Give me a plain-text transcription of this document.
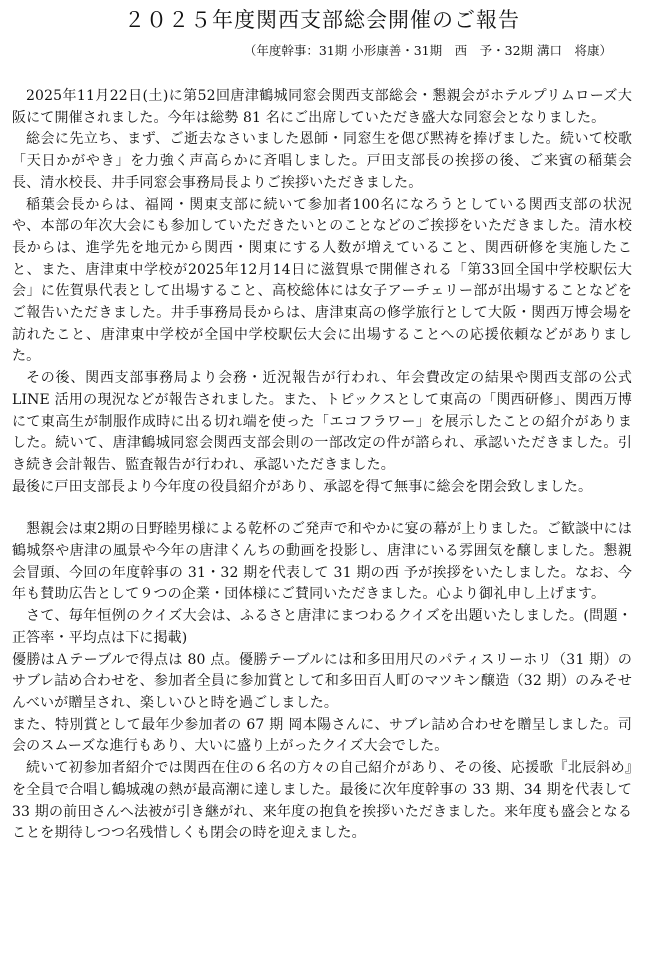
２０２５年度関西支部総会開催のご報告
（年度幹事：31期 小形康善・31期　西　予・32期 溝口　将康）

2025年11月22日(土)に第52回唐津鶴城同窓会関西支部総会・懇親会がホテルプリムローズ大阪にて開催されました。今年は総勢 81 名にご出席していただき盛大な同窓会となりました。

総会に先立ち、まず、ご逝去なさいました恩師・同窓生を偲び黙祷を捧げました。続いて校歌「天日かがやき」を力強く声高らかに斉唱しました。戸田支部長の挨拶の後、ご来賓の稲葉会長、清水校長、井手同窓会事務局長よりご挨拶いただきました。

稲葉会長からは、福岡・関東支部に続いて参加者100名になろうとしている関西支部の状況や、本部の年次大会にも参加していただきたいとのことなどのご挨拶をいただきました。清水校長からは、進学先を地元から関西・関東にする人数が増えていること、関西研修を実施したこと、また、唐津東中学校が2025年12月14日に滋賀県で開催される「第33回全国中学校駅伝大会」に佐賀県代表として出場すること、高校総体には女子アーチェリー部が出場することなどをご報告いただきました。井手事務局長からは、唐津東高の修学旅行として大阪・関西万博会場を訪れたこと、唐津東中学校が全国中学校駅伝大会に出場することへの応援依頼などがありました。

その後、関西支部事務局より会務・近況報告が行われ、年会費改定の結果や関西支部の公式 LINE 活用の現況などが報告されました。また、トピックスとして東高の「関西研修」、関西万博にて東高生が制服作成時に出る切れ端を使った「エコフラワー」を展示したことの紹介がありました。続いて、唐津鶴城同窓会関西支部会則の一部改定の件が諮られ、承認いただきました。引き続き会計報告、監査報告が行われ、承認いただきました。

最後に戸田支部長より今年度の役員紹介があり、承認を得て無事に総会を閉会致しました。

懇親会は東2期の日野睦男様による乾杯のご発声で和やかに宴の幕が上りました。ご歓談中には鶴城祭や唐津の風景や今年の唐津くんちの動画を投影し、唐津にいる雰囲気を醸しました。懇親会冒頭、今回の年度幹事の 31・32 期を代表して 31 期の西 予が挨拶をいたしました。なお、今年も賛助広告として９つの企業・団体様にご賛同いただきました。心より御礼申し上げます。

さて、毎年恒例のクイズ大会は、ふるさと唐津にまつわるクイズを出題いたしました。(問題・正答率・平均点は下に掲載)

優勝はＡテーブルで得点は 80 点。優勝テーブルには和多田用尺のパティスリーホリ（31 期）のサブレ詰め合わせを、参加者全員に参加賞として和多田百人町のマツキン醸造（32 期）のみそせんべいが贈呈され、楽しいひと時を過ごしました。

また、特別賞として最年少参加者の 67 期 岡本陽さんに、サブレ詰め合わせを贈呈しました。司会のスムーズな進行もあり、大いに盛り上がったクイズ大会でした。

続いて初参加者紹介では関西在住の６名の方々の自己紹介があり、その後、応援歌『北辰斜め』を全員で合唱し鶴城魂の熱が最高潮に達しました。最後に次年度幹事の 33 期、34 期を代表して 33 期の前田さんへ法被が引き継がれ、来年度の抱負を挨拶いただきました。来年度も盛会となることを期待しつつ名残惜しくも閉会の時を迎えました。
